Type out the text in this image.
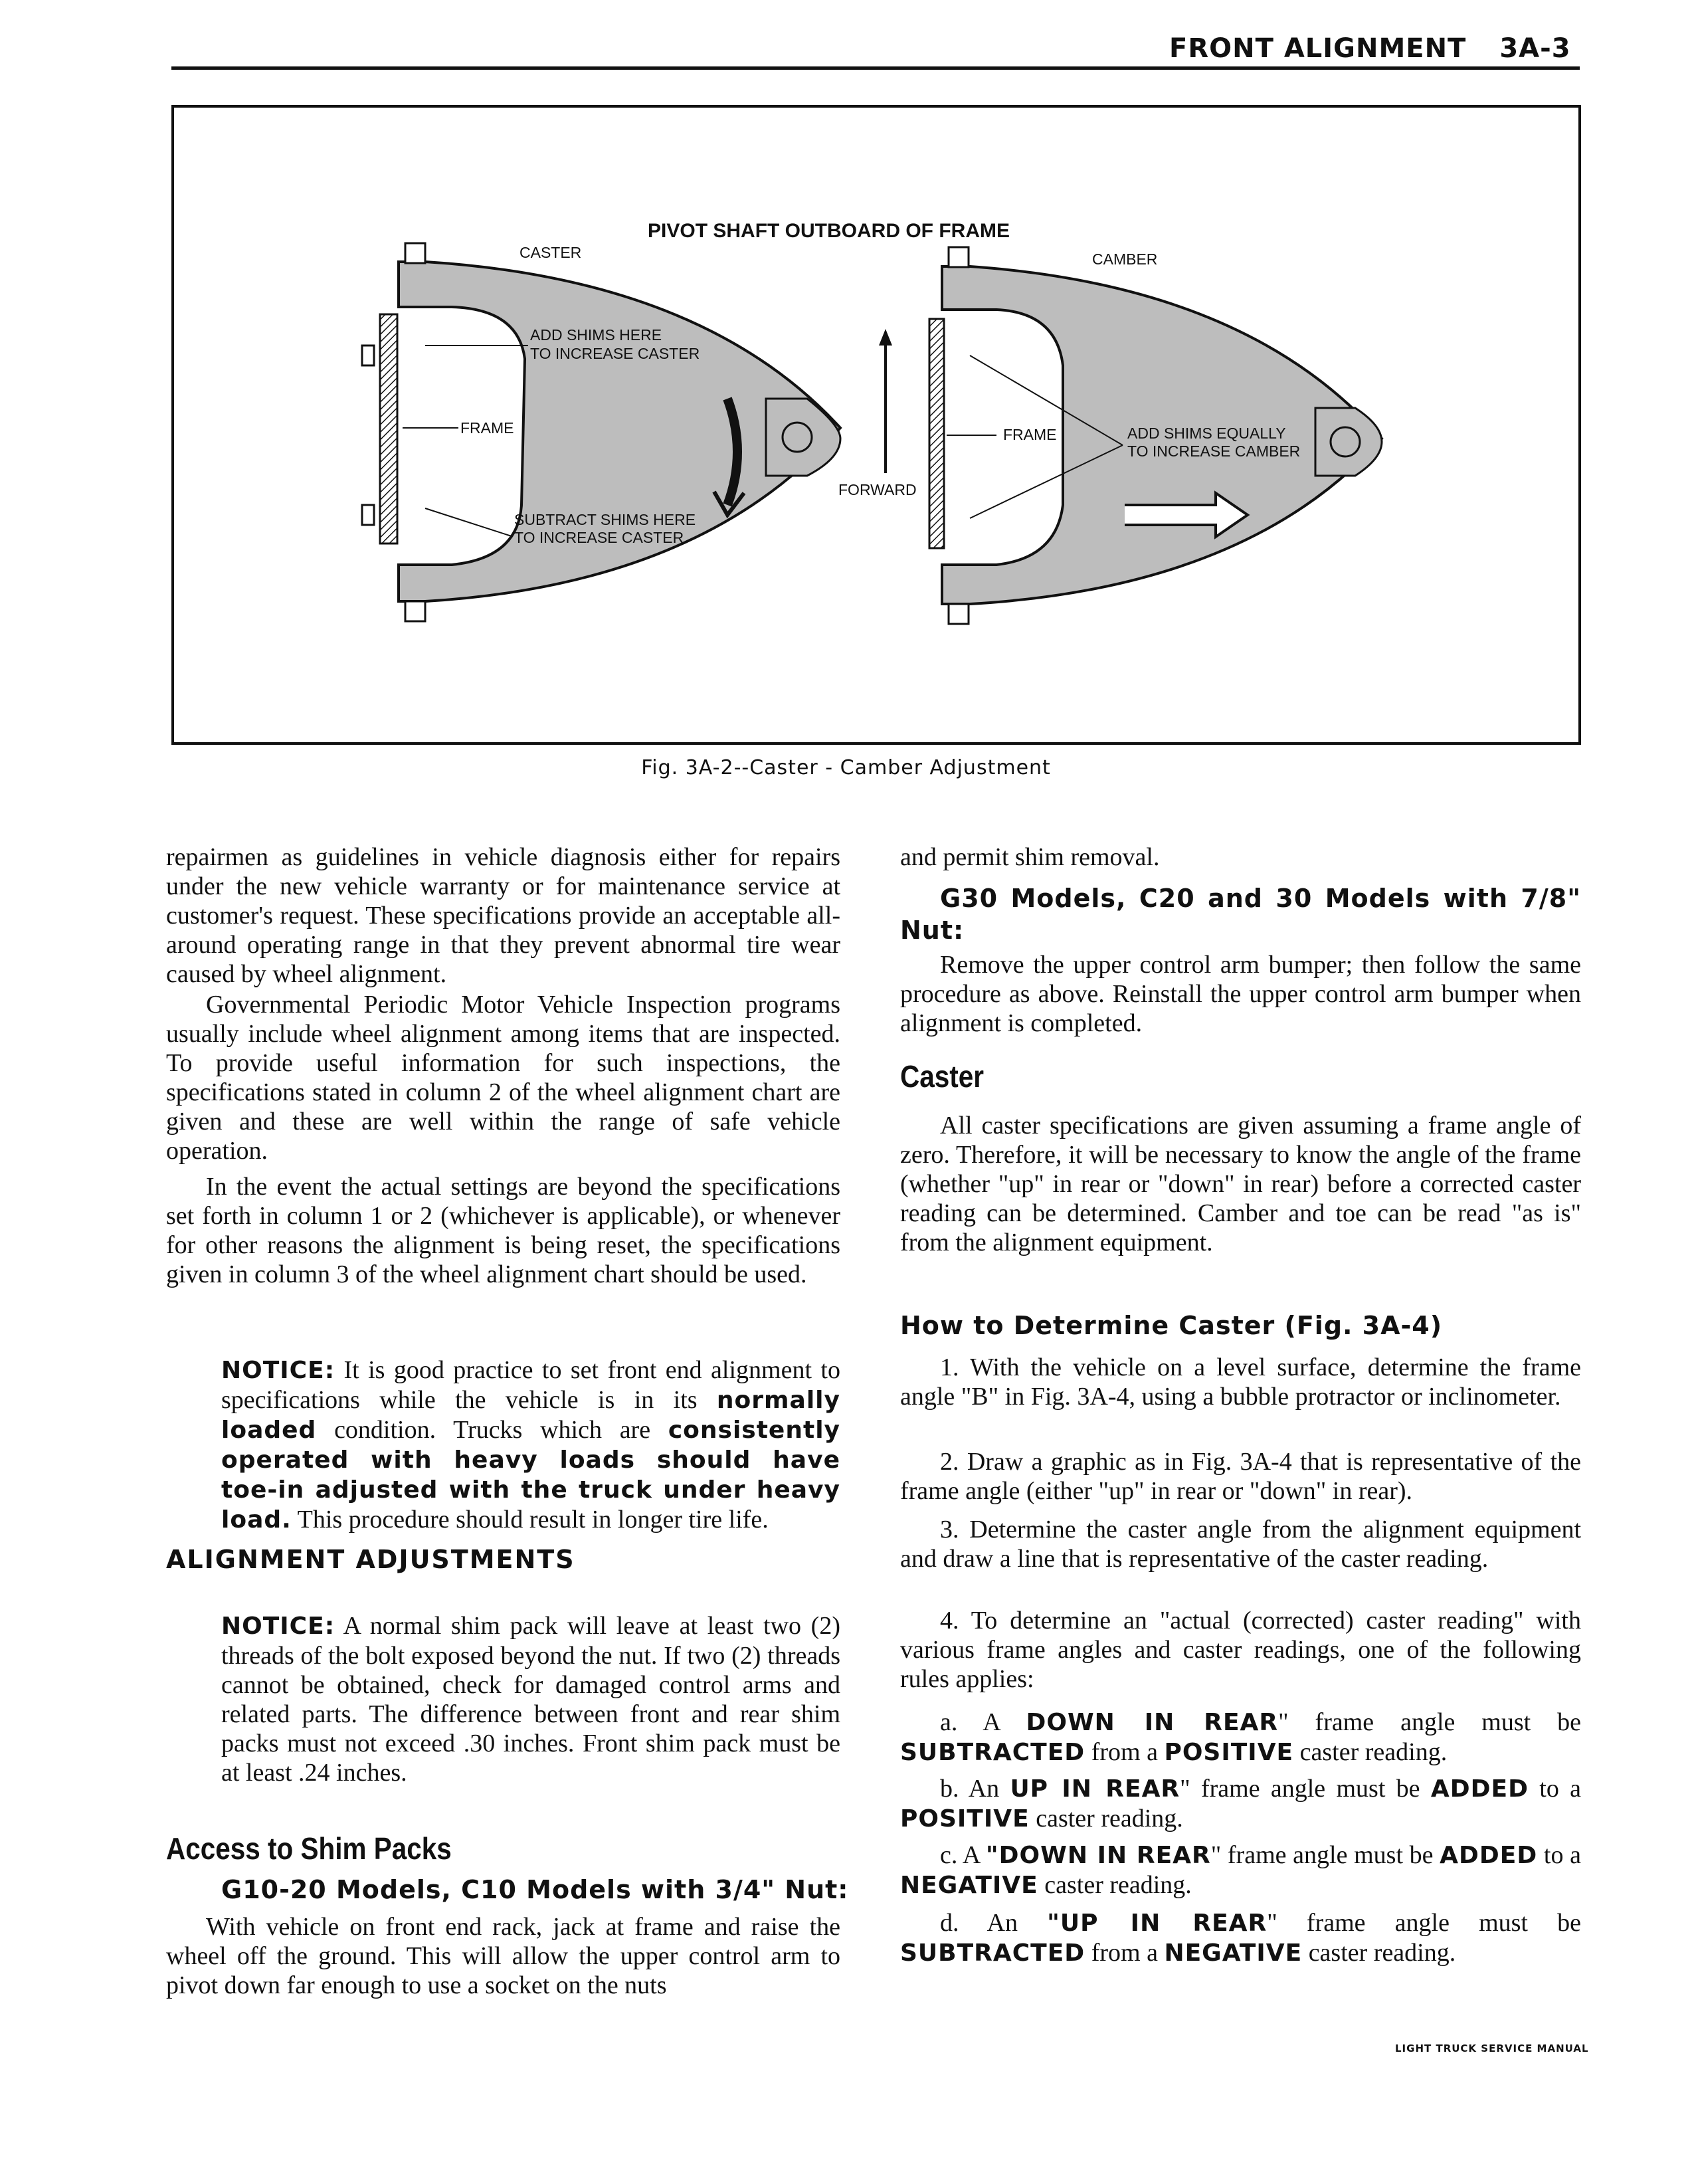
FRONT ALIGNMENT 3A-3
PIVOT SHAFT OUTBOARD OF FRAME
CASTER	CAMBER
ADD SHIMS HERE
TO INCREASE CASTER
FRAME
SUBTRACT SHIMS HERE
TO INCREASE CASTER
FORWARD
FRAME	ADD SHIMS EQUALLY
TO INCREASE CAMBER
Fig. 3A-2--Caster - Camber Adjustment
repairmen as guidelines in vehicle diagnosis either for repairs under the new vehicle warranty or for maintenance service at customer's request. These specifications provide an acceptable all-around operating range in that they prevent abnormal tire wear caused by wheel alignment.
Governmental Periodic Motor Vehicle Inspection programs usually include wheel alignment among items that are inspected. To provide useful information for such inspections, the specifications stated in column 2 of the wheel alignment chart are given and these are well within the range of safe vehicle operation.
In the event the actual settings are beyond the specifications set forth in column 1 or 2 (whichever is applicable), or whenever for other reasons the alignment is being reset, the specifications given in column 3 of the wheel alignment chart should be used.
NOTICE: It is good practice to set front end alignment to specifications while the vehicle is in its normally loaded condition. Trucks which are consistently operated with heavy loads should have toe-in adjusted with the truck under heavy load. This procedure should result in longer tire life.
ALIGNMENT ADJUSTMENTS
NOTICE: A normal shim pack will leave at least two (2) threads of the bolt exposed beyond the nut. If two (2) threads cannot be obtained, check for damaged control arms and related parts. The difference between front and rear shim packs must not exceed .30 inches. Front shim pack must be at least .24 inches.
Access to Shim Packs
G10-20 Models, C10 Models with 3/4" Nut:
With vehicle on front end rack, jack at frame and raise the wheel off the ground. This will allow the upper control arm to pivot down far enough to use a socket on the nuts
and permit shim removal.
G30 Models, C20 and 30 Models with 7/8" Nut:
Remove the upper control arm bumper; then follow the same procedure as above. Reinstall the upper control arm bumper when alignment is completed.
Caster
All caster specifications are given assuming a frame angle of zero. Therefore, it will be necessary to know the angle of the frame (whether "up" in rear or "down" in rear) before a corrected caster reading can be determined. Camber and toe can be read "as is" from the alignment equipment.
How to Determine Caster (Fig. 3A-4)
1. With the vehicle on a level surface, determine the frame angle "B" in Fig. 3A-4, using a bubble protractor or inclinometer.
2. Draw a graphic as in Fig. 3A-4 that is representative of the frame angle (either "up" in rear or "down" in rear).
3. Determine the caster angle from the alignment equipment and draw a line that is representative of the caster reading.
4. To determine an "actual (corrected) caster reading" with various frame angles and caster readings, one of the following rules applies:
a. A DOWN IN REAR" frame angle must be SUBTRACTED from a POSITIVE caster reading.
b. An UP IN REAR" frame angle must be ADDED to a POSITIVE caster reading.
c. A "DOWN IN REAR" frame angle must be ADDED to a NEGATIVE caster reading.
d. An "UP IN REAR" frame angle must be SUBTRACTED from a NEGATIVE caster reading.
LIGHT TRUCK SERVICE MANUAL
